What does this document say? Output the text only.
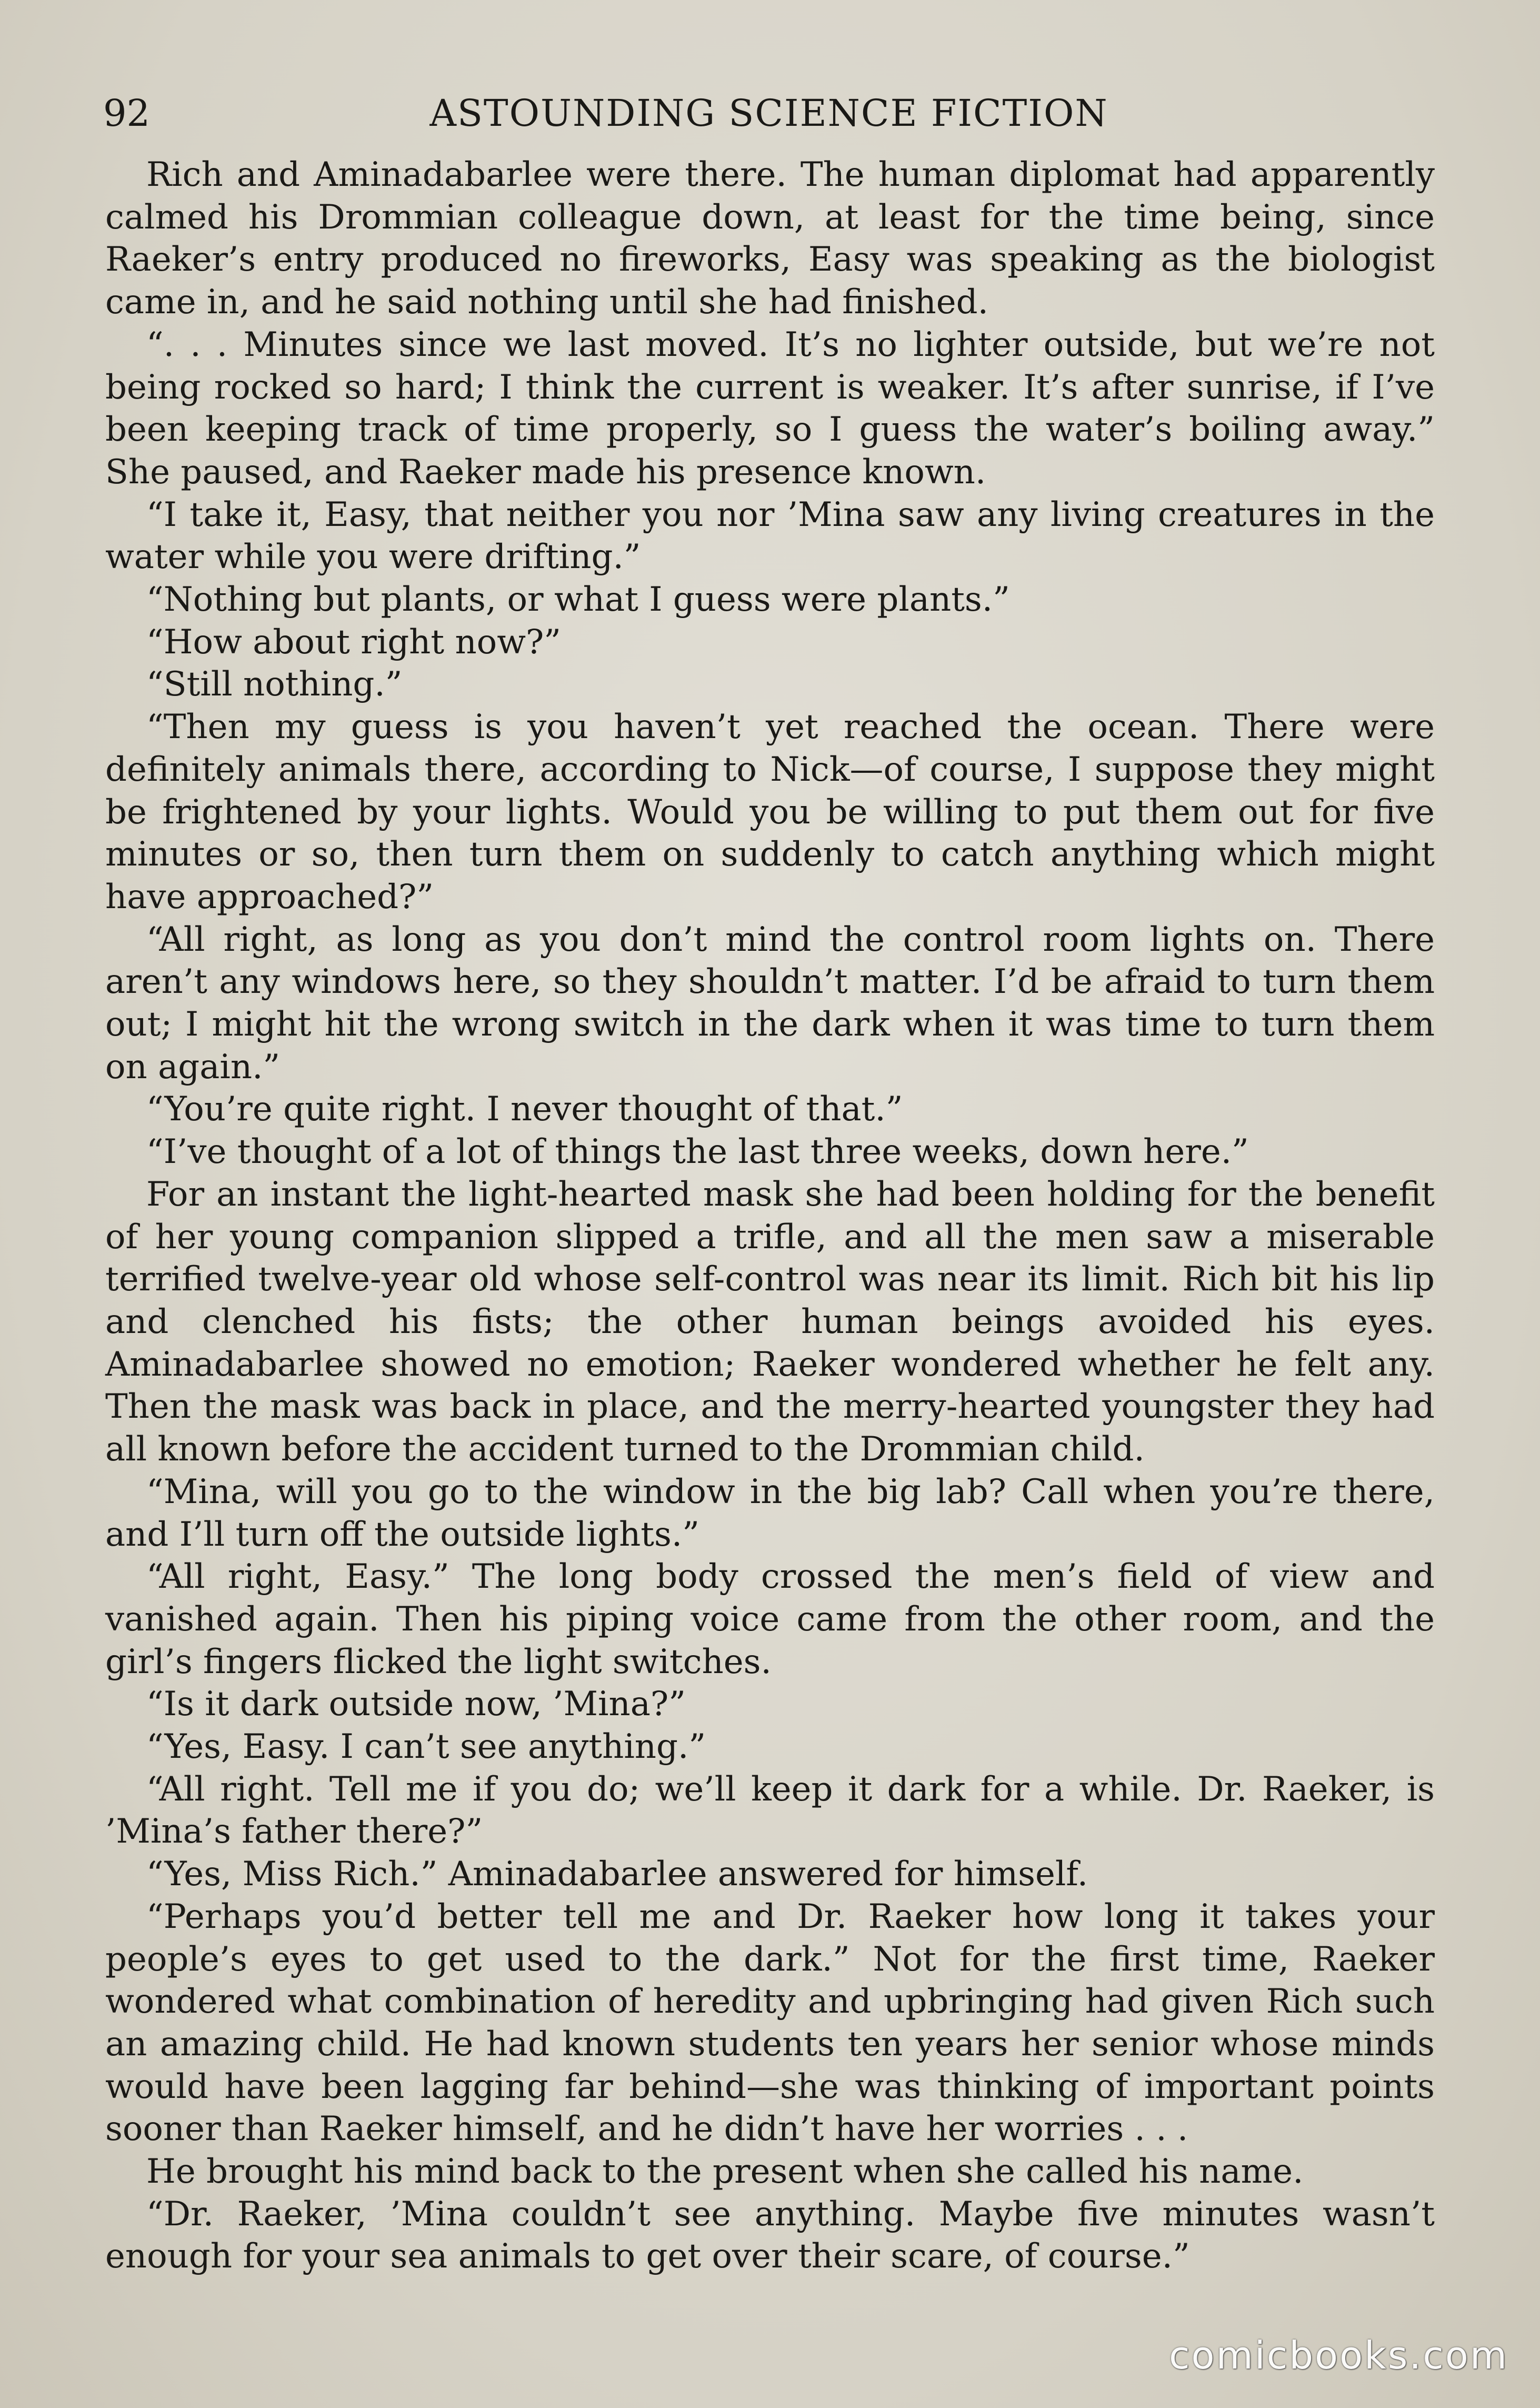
92	ASTOUNDING SCIENCE FICTION

Rich and Aminadabarlee were there. The human diplomat had apparently calmed his Drommian colleague down, at least for the time being, since Raeker’s entry produced no fireworks, Easy was speaking as the biologist came in, and he said nothing until she had finished.

“. . . Minutes since we last moved. It’s no lighter outside, but we’re not being rocked so hard; I think the current is weaker. It’s after sunrise, if I’ve been keeping track of time properly, so I guess the water’s boiling away.” She paused, and Raeker made his presence known.

“I take it, Easy, that neither you nor ’Mina saw any living creatures in the water while you were drifting.”

“Nothing but plants, or what I guess were plants.”

“How about right now?”

“Still nothing.”

“Then my guess is you haven’t yet reached the ocean. There were definitely animals there, according to Nick—of course, I suppose they might be frightened by your lights. Would you be willing to put them out for five minutes or so, then turn them on suddenly to catch anything which might have approached?”

“All right, as long as you don’t mind the control room lights on. There aren’t any windows here, so they shouldn’t matter. I’d be afraid to turn them out; I might hit the wrong switch in the dark when it was time to turn them on again.”

“You’re quite right. I never thought of that.”

“I’ve thought of a lot of things the last three weeks, down here.”

For an instant the light-hearted mask she had been holding for the benefit of her young companion slipped a trifle, and all the men saw a miserable terrified twelve-year old whose self-control was near its limit. Rich bit his lip and clenched his fists; the other human beings avoided his eyes. Aminadabarlee showed no emotion; Raeker wondered whether he felt any. Then the mask was back in place, and the merry-hearted youngster they had all known before the accident turned to the Drommian child.

“Mina, will you go to the window in the big lab? Call when you’re there, and I’ll turn off the outside lights.”

“All right, Easy.” The long body crossed the men’s field of view and vanished again. Then his piping voice came from the other room, and the girl’s fingers flicked the light switches.

“Is it dark outside now, ’Mina?”

“Yes, Easy. I can’t see anything.”

“All right. Tell me if you do; we’ll keep it dark for a while. Dr. Raeker, is ’Mina’s father there?”

“Yes, Miss Rich.” Aminadabarlee answered for himself.

“Perhaps you’d better tell me and Dr. Raeker how long it takes your people’s eyes to get used to the dark.” Not for the first time, Raeker wondered what combination of heredity and upbringing had given Rich such an amazing child. He had known students ten years her senior whose minds would have been lagging far behind—she was thinking of important points sooner than Raeker himself, and he didn’t have her worries . . .

He brought his mind back to the present when she called his name.

“Dr. Raeker, ’Mina couldn’t see anything. Maybe five minutes wasn’t enough for your sea animals to get over their scare, of course.”

comicbooks.com
